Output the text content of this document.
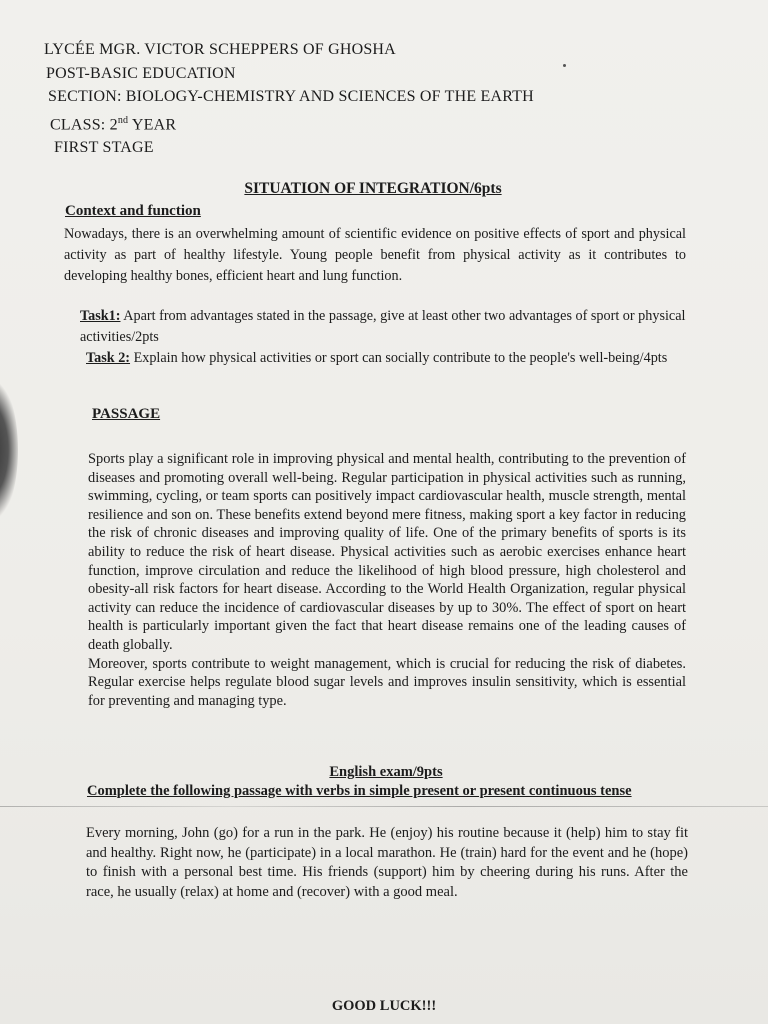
LYCÉE MGR. VICTOR SCHEPPERS OF GHOSHA
POST-BASIC EDUCATION
SECTION: BIOLOGY-CHEMISTRY AND SCIENCES OF THE EARTH
CLASS: 2nd YEAR
FIRST STAGE
SITUATION OF INTEGRATION/6pts
Context and function
Nowadays, there is an overwhelming amount of scientific evidence on positive effects of sport and physical activity as part of healthy lifestyle. Young people benefit from physical activity as it contributes to developing healthy bones, efficient heart and lung function.
Task1: Apart from advantages stated in the passage, give at least other two advantages of sport or physical activities/2pts
Task 2: Explain how physical activities or sport can socially contribute to the people's well-being/4pts
PASSAGE

Sports play a significant role in improving physical and mental health, contributing to the prevention of diseases and promoting overall well-being. Regular participation in physical activities such as running, swimming, cycling, or team sports can positively impact cardiovascular health, muscle strength, mental resilience and son on. These benefits extend beyond mere fitness, making sport a key factor in reducing the risk of chronic diseases and improving quality of life. One of the primary benefits of sports is its ability to reduce the risk of heart disease. Physical activities such as aerobic exercises enhance heart function, improve circulation and reduce the likelihood of high blood pressure, high cholesterol and obesity-all risk factors for heart disease. According to the World Health Organization, regular physical activity can reduce the incidence of cardiovascular diseases by up to 30%. The effect of sport on heart health is particularly important given the fact that heart disease remains one of the leading causes of death globally.

Moreover, sports contribute to weight management, which is crucial for reducing the risk of diabetes. Regular exercise helps regulate blood sugar levels and improves insulin sensitivity, which is essential for preventing and managing type.

English exam/9pts
Complete the following passage with verbs in simple present or present continuous tense
Every morning, John (go) for a run in the park. He (enjoy) his routine because it (help) him to stay fit and healthy. Right now, he (participate) in a local marathon. He (train) hard for the event and he (hope) to finish with a personal best time. His friends (support) him by cheering during his runs. After the race, he usually (relax) at home and (recover) with a good meal.
GOOD LUCK!!!
